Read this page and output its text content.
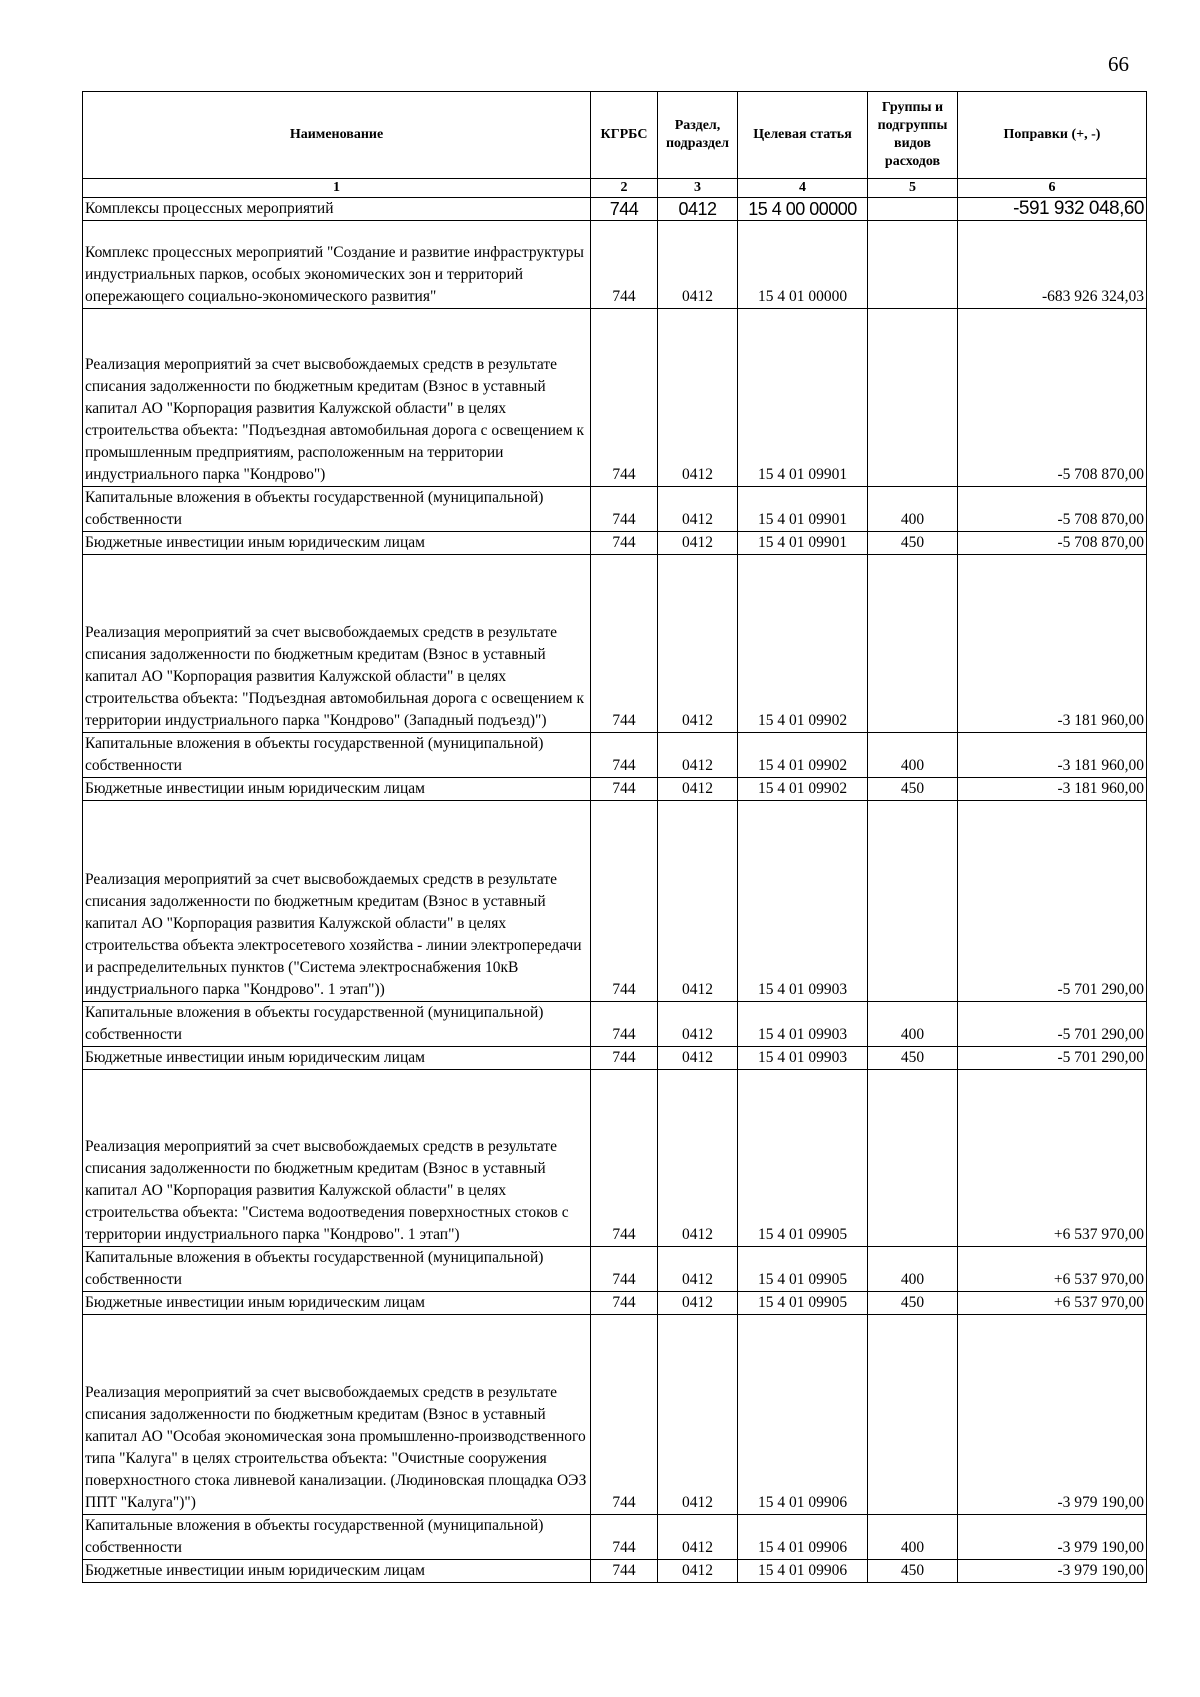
66
Наименование	КГРБС	Раздел, подраздел	Целевая статья	Группы и подгруппы видов расходов	Поправки (+, -)
1	2	3	4	5	6
Комплексы процессных мероприятий	744	0412	15 4 00 00000		-591 932 048,60
Комплекс процессных мероприятий "Создание и развитие инфраструктуры индустриальных парков, особых экономических зон и территорий опережающего социально-экономического развития"	744	0412	15 4 01 00000		-683 926 324,03
Реализация мероприятий за счет высвобождаемых средств в результате списания задолженности по бюджетным кредитам (Взнос в уставный капитал АО "Корпорация развития Калужской области" в целях строительства объекта: "Подъездная автомобильная дорога с освещением к промышленным предприятиям, расположенным на территории индустриального парка "Кондрово")	744	0412	15 4 01 09901		-5 708 870,00
Капитальные вложения в объекты государственной (муниципальной) собственности	744	0412	15 4 01 09901	400	-5 708 870,00
Бюджетные инвестиции иным юридическим лицам	744	0412	15 4 01 09901	450	-5 708 870,00
Реализация мероприятий за счет высвобождаемых средств в результате списания задолженности по бюджетным кредитам (Взнос в уставный капитал АО "Корпорация развития Калужской области" в целях строительства объекта: "Подъездная автомобильная дорога с освещением к территории индустриального парка "Кондрово" (Западный подъезд)")	744	0412	15 4 01 09902		-3 181 960,00
Капитальные вложения в объекты государственной (муниципальной) собственности	744	0412	15 4 01 09902	400	-3 181 960,00
Бюджетные инвестиции иным юридическим лицам	744	0412	15 4 01 09902	450	-3 181 960,00
Реализация мероприятий за счет высвобождаемых средств в результате списания задолженности по бюджетным кредитам (Взнос в уставный капитал АО "Корпорация развития Калужской области" в целях строительства объекта электросетевого хозяйства - линии электропередачи и распределительных пунктов ("Система электроснабжения 10кВ индустриального парка "Кондрово". 1 этап"))	744	0412	15 4 01 09903		-5 701 290,00
Капитальные вложения в объекты государственной (муниципальной) собственности	744	0412	15 4 01 09903	400	-5 701 290,00
Бюджетные инвестиции иным юридическим лицам	744	0412	15 4 01 09903	450	-5 701 290,00
Реализация мероприятий за счет высвобождаемых средств в результате списания задолженности по бюджетным кредитам (Взнос в уставный капитал АО "Корпорация развития Калужской области" в целях строительства объекта: "Система водоотведения поверхностных стоков с территории индустриального парка "Кондрово". 1 этап")	744	0412	15 4 01 09905		+6 537 970,00
Капитальные вложения в объекты государственной (муниципальной) собственности	744	0412	15 4 01 09905	400	+6 537 970,00
Бюджетные инвестиции иным юридическим лицам	744	0412	15 4 01 09905	450	+6 537 970,00
Реализация мероприятий за счет высвобождаемых средств в результате списания задолженности по бюджетным кредитам (Взнос в уставный капитал АО "Особая экономическая зона промышленно-производственного типа "Калуга" в целях строительства объекта: "Очистные сооружения поверхностного стока ливневой канализации. (Людиновская площадка ОЭЗ ППТ "Калуга")")	744	0412	15 4 01 09906		-3 979 190,00
Капитальные вложения в объекты государственной (муниципальной) собственности	744	0412	15 4 01 09906	400	-3 979 190,00
Бюджетные инвестиции иным юридическим лицам	744	0412	15 4 01 09906	450	-3 979 190,00
